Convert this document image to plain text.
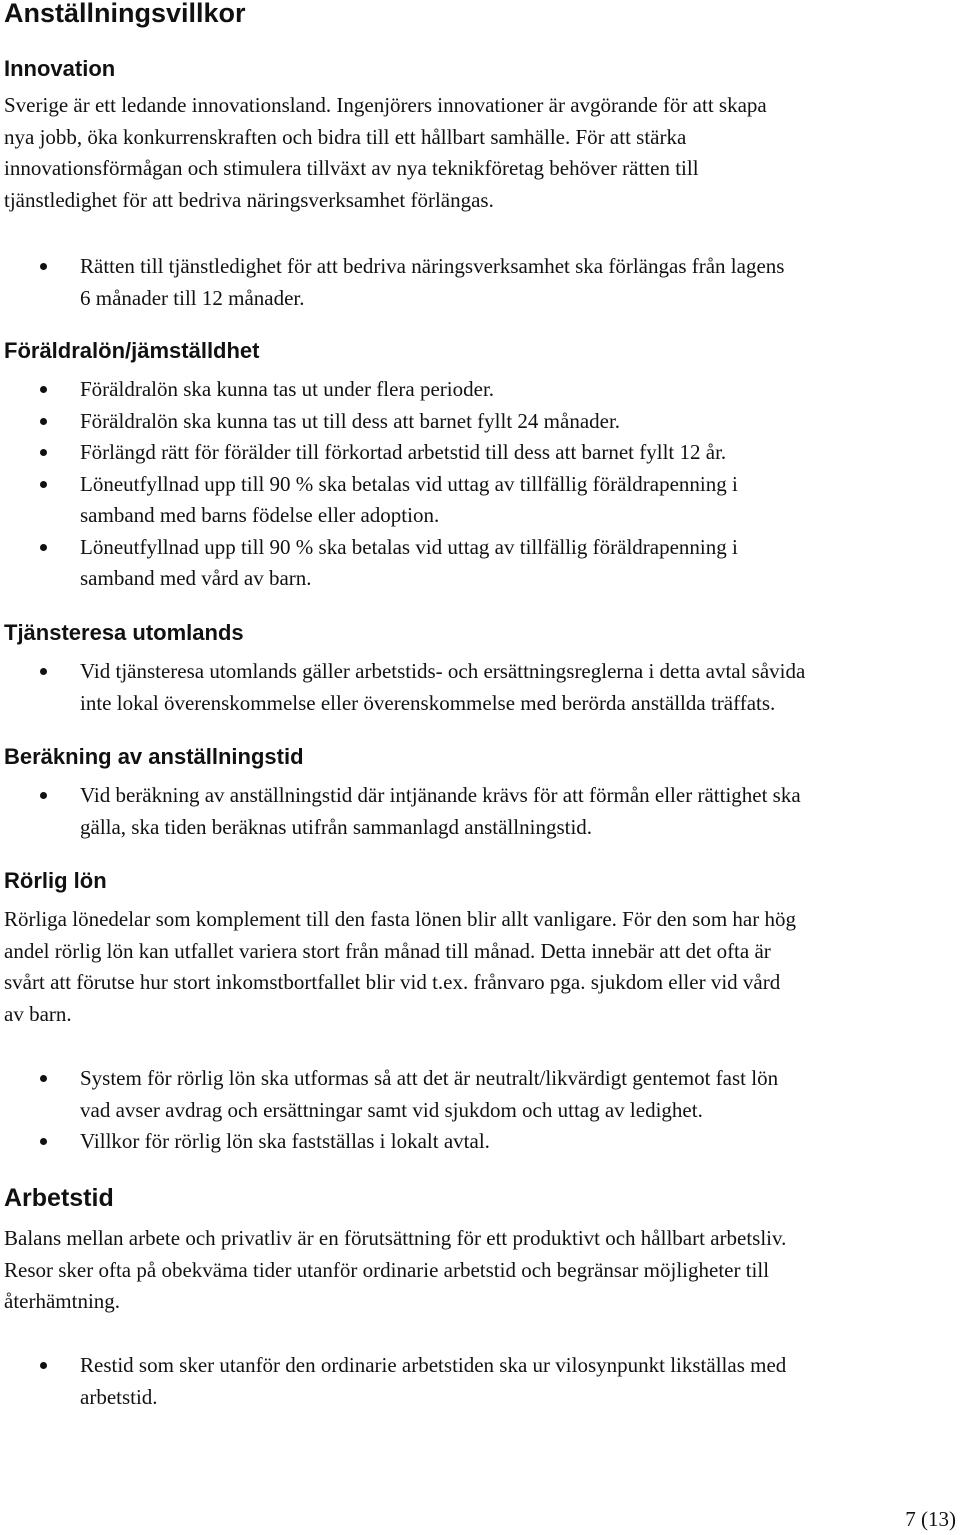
Anställningsvillkor
Innovation
Sverige är ett ledande innovationsland. Ingenjörers innovationer är avgörande för att skapa
nya jobb, öka konkurrenskraften och bidra till ett hållbart samhälle. För att stärka
innovationsförmågan och stimulera tillväxt av nya teknikföretag behöver rätten till
tjänstledighet för att bedriva näringsverksamhet förlängas.
Rätten till tjänstledighet för att bedriva näringsverksamhet ska förlängas från lagens
6 månader till 12 månader.
Föräldralön/jämställdhet
Föräldralön ska kunna tas ut under flera perioder.
Föräldralön ska kunna tas ut till dess att barnet fyllt 24 månader.
Förlängd rätt för förälder till förkortad arbetstid till dess att barnet fyllt 12 år.
Löneutfyllnad upp till 90 % ska betalas vid uttag av tillfällig föräldrapenning i
samband med barns födelse eller adoption.
Löneutfyllnad upp till 90 % ska betalas vid uttag av tillfällig föräldrapenning i
samband med vård av barn.
Tjänsteresa utomlands
Vid tjänsteresa utomlands gäller arbetstids- och ersättningsreglerna i detta avtal såvida
inte lokal överenskommelse eller överenskommelse med berörda anställda träffats.
Beräkning av anställningstid
Vid beräkning av anställningstid där intjänande krävs för att förmån eller rättighet ska
gälla, ska tiden beräknas utifrån sammanlagd anställningstid.
Rörlig lön
Rörliga lönedelar som komplement till den fasta lönen blir allt vanligare. För den som har hög
andel rörlig lön kan utfallet variera stort från månad till månad. Detta innebär att det ofta är
svårt att förutse hur stort inkomstbortfallet blir vid t.ex. frånvaro pga. sjukdom eller vid vård
av barn.
System för rörlig lön ska utformas så att det är neutralt/likvärdigt gentemot fast lön
vad avser avdrag och ersättningar samt vid sjukdom och uttag av ledighet.
Villkor för rörlig lön ska fastställas i lokalt avtal.
Arbetstid
Balans mellan arbete och privatliv är en förutsättning för ett produktivt och hållbart arbetsliv.
Resor sker ofta på obekväma tider utanför ordinarie arbetstid och begränsar möjligheter till
återhämtning.
Restid som sker utanför den ordinarie arbetstiden ska ur vilosynpunkt likställas med
arbetstid.

7 (13)
